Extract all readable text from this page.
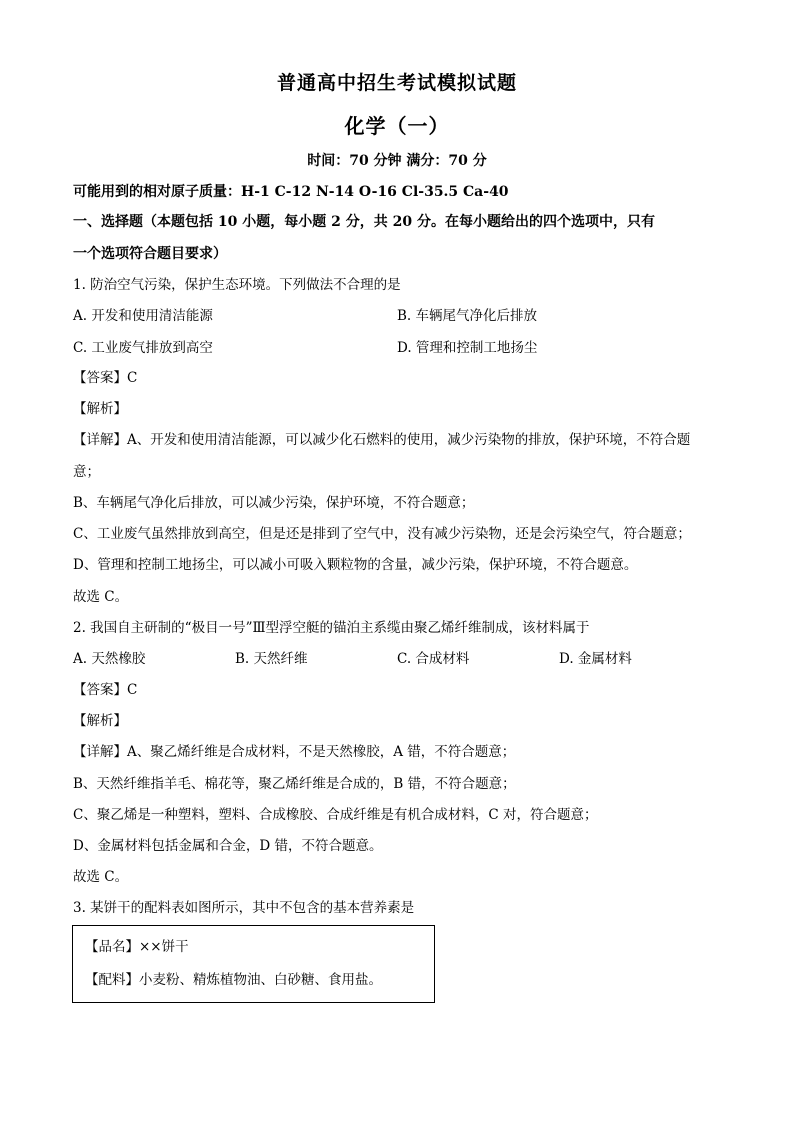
普通高中招生考试模拟试题
化学（一）
时间：70 分钟 满分：70 分
可能用到的相对原子质量：H-1 C-12 N-14 O-16 Cl-35.5 Ca-40
一、选择题（本题包括 10 小题，每小题 2 分，共 20 分。在每小题给出的四个选项中，只有
一个选项符合题目要求）
1. 防治空气污染，保护生态环境。下列做法不合理的是
A. 开发和使用清洁能源	B. 车辆尾气净化后排放
C. 工业废气排放到高空	D. 管理和控制工地扬尘
【答案】C
【解析】
【详解】A、开发和使用清洁能源，可以减少化石燃料的使用，减少污染物的排放，保护环境，不符合题
意；
B、车辆尾气净化后排放，可以减少污染，保护环境，不符合题意；
C、工业废气虽然排放到高空，但是还是排到了空气中，没有减少污染物，还是会污染空气，符合题意；
D、管理和控制工地扬尘，可以减小可吸入颗粒物的含量，减少污染，保护环境，不符合题意。
故选 C。
2. 我国自主研制的“极目一号”Ⅲ型浮空艇的锚泊主系缆由聚乙烯纤维制成，该材料属于
A. 天然橡胶	B. 天然纤维	C. 合成材料	D. 金属材料
【答案】C
【解析】
【详解】A、聚乙烯纤维是合成材料，不是天然橡胶，A 错，不符合题意；
B、天然纤维指羊毛、棉花等，聚乙烯纤维是合成的，B 错，不符合题意；
C、聚乙烯是一种塑料，塑料、合成橡胶、合成纤维是有机合成材料，C 对，符合题意；
D、金属材料包括金属和合金，D 错，不符合题意。
故选 C。
3. 某饼干的配料表如图所示，其中不包含的基本营养素是
【品名】××饼干
【配料】小麦粉、精炼植物油、白砂糖、食用盐。
